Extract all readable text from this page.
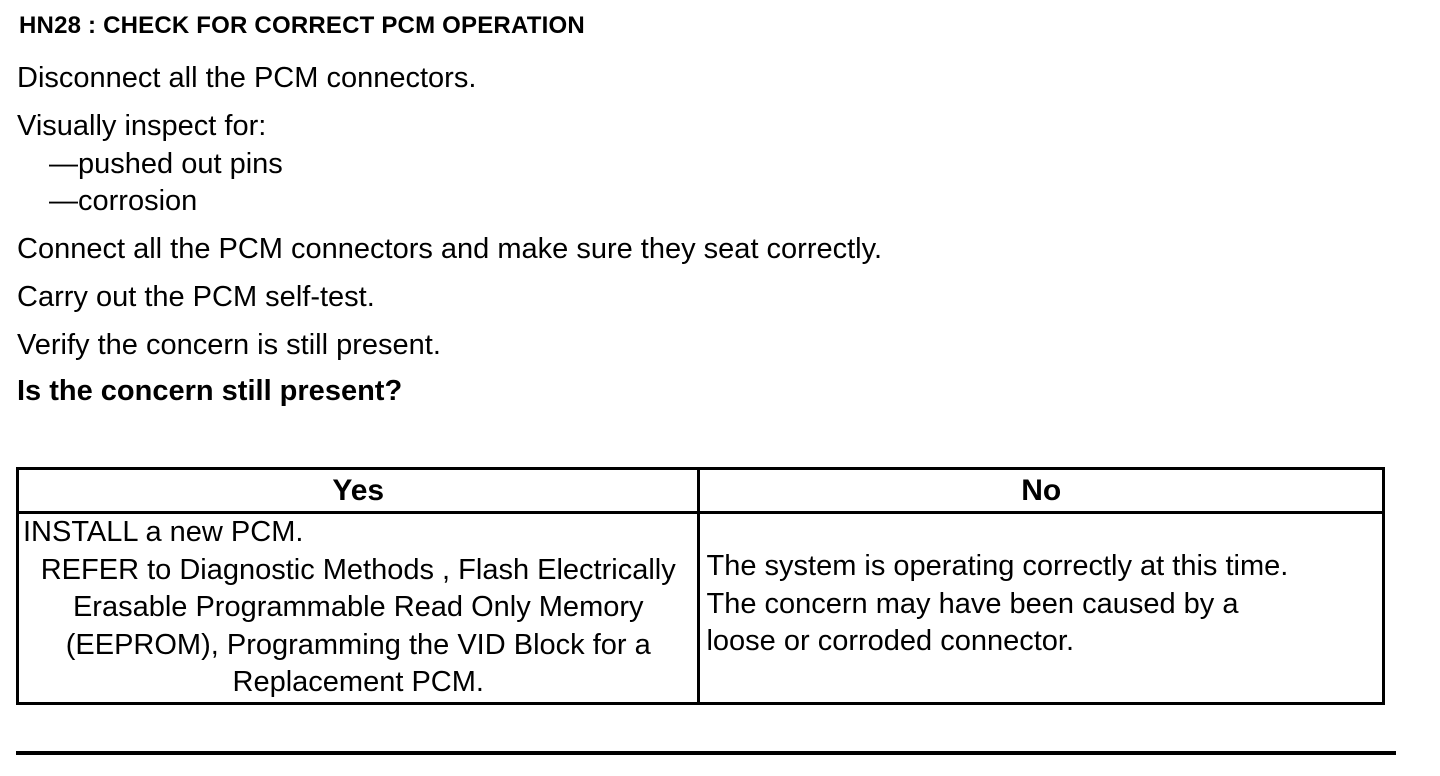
HN28 : CHECK FOR CORRECT PCM OPERATION
Disconnect all the PCM connectors.
Visually inspect for:
—pushed out pins
—corrosion
Connect all the PCM connectors and make sure they seat correctly.
Carry out the PCM self-test.
Verify the concern is still present.
Is the concern still present?
Yes	No

INSTALL a new PCM.
REFER to Diagnostic Methods , Flash Electrically Erasable Programmable Read Only Memory (EEPROM), Programming the VID Block for a Replacement PCM.	The system is operating correctly at this time.
The concern may have been caused by a
loose or corroded connector.
